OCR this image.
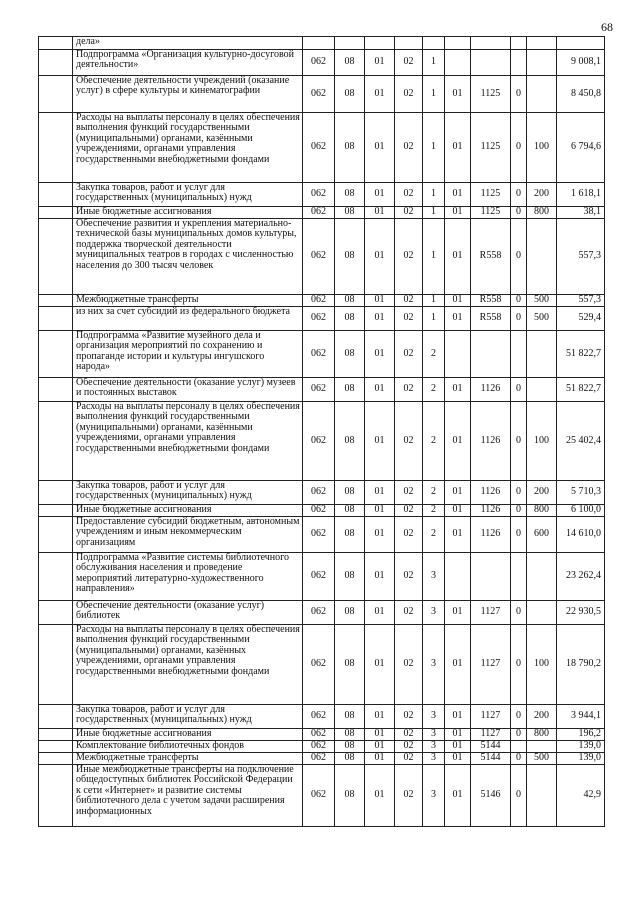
68
	дела»										
	Подпрограмма «Организация культурно-досуговой деятельности»	062	08	01	02	1					9 008,1
	Обеспечение деятельности учреждений (оказание услуг) в сфере культуры и кинематографии	062	08	01	02	1	01	1125	0		8 450,8
	Расходы на выплаты персоналу в целях обеспечения выполнения функций государственными (муниципальными) органами, казёнными учреждениями, органами управления государственными внебюджетными фондами	062	08	01	02	1	01	1125	0	100	6 794,6
	Закупка товаров, работ и услуг для государственных (муниципальных) нужд	062	08	01	02	1	01	1125	0	200	1 618,1
	Иные бюджетные ассигнования	062	08	01	02	1	01	1125	0	800	38,1
	Обеспечение развития и укрепления материально-технической базы муниципальных домов культуры, поддержка творческой деятельности муниципальных театров в городах с численностью населения до 300 тысяч человек	062	08	01	02	1	01	R558	0		557,3
	Межбюджетные трансферты	062	08	01	02	1	01	R558	0	500	557,3
	из них за счет субсидий из федерального бюджета	062	08	01	02	1	01	R558	0	500	529,4
	Подпрограмма «Развитие музейного дела и организация мероприятий по сохранению и пропаганде истории и культуры ингушского народа»	062	08	01	02	2					51 822,7
	Обеспечение деятельности (оказание услуг) музеев и постоянных выставок	062	08	01	02	2	01	1126	0		51 822,7
	Расходы на выплаты персоналу в целях обеспечения выполнения функций государственными (муниципальными) органами, казёнными учреждениями, органами управления государственными внебюджетными фондами	062	08	01	02	2	01	1126	0	100	25 402,4
	Закупка товаров, работ и услуг для государственных (муниципальных) нужд	062	08	01	02	2	01	1126	0	200	5 710,3
	Иные бюджетные ассигнования	062	08	01	02	2	01	1126	0	800	6 100,0
	Предоставление субсидий бюджетным, автономным учреждениям и иным некоммерческим организациям	062	08	01	02	2	01	1126	0	600	14 610,0
	Подпрограмма «Развитие системы библиотечного обслуживания населения и проведение мероприятий литературно-художественного направления»	062	08	01	02	3					23 262,4
	Обеспечение деятельности (оказание услуг) библиотек	062	08	01	02	3	01	1127	0		22 930,5
	Расходы на выплаты персоналу в целях обеспечения выполнения функций государственными (муниципальными) органами, казённых учреждениями, органами управления государственными внебюджетными фондами	062	08	01	02	3	01	1127	0	100	18 790,2
	Закупка товаров, работ и услуг для государственных (муниципальных) нужд	062	08	01	02	3	01	1127	0	200	3 944,1
	Иные бюджетные ассигнования	062	08	01	02	3	01	1127	0	800	196,2
	Комплектование библиотечных фондов	062	08	01	02	3	01	5144			139,0
	Межбюджетные трансферты	062	08	01	02	3	01	5144	0	500	139,0
	Иные межбюджетные трансферты на подключение общедоступных библиотек Российской Федерации к сети «Интернет» и развитие системы библиотечного дела с учетом задачи расширения информационных	062	08	01	02	3	01	5146	0		42,9
